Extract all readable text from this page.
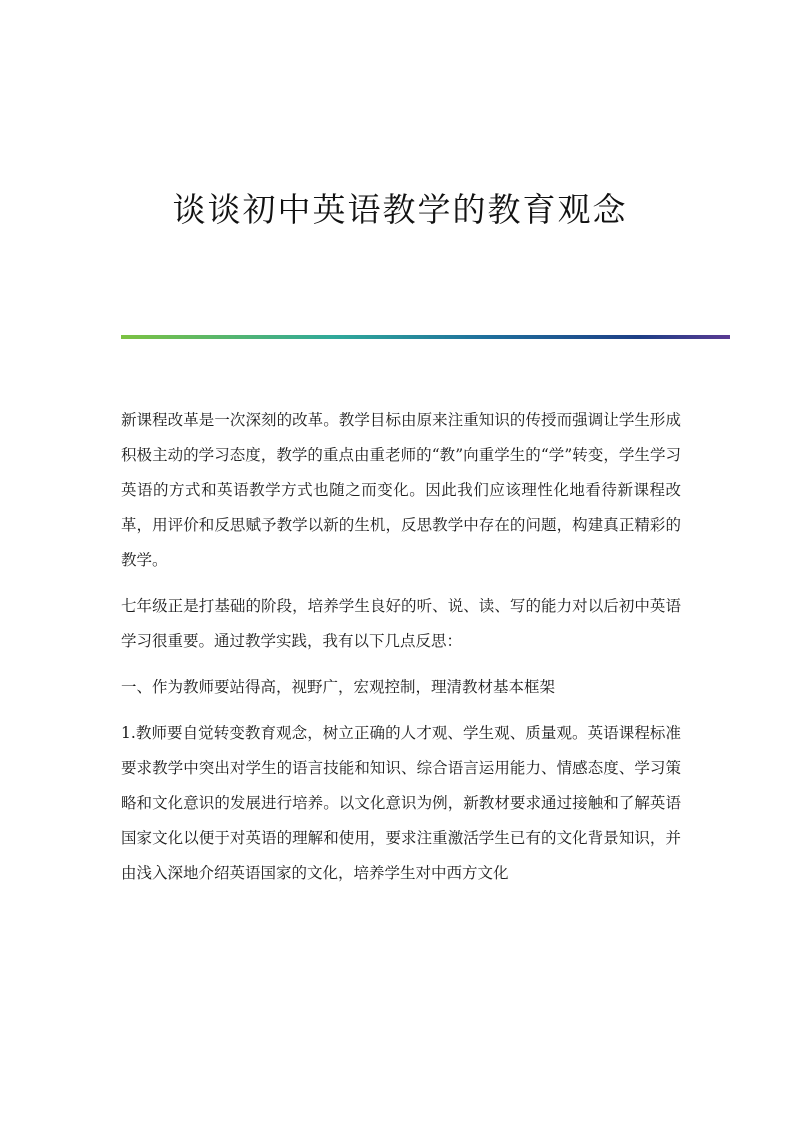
谈谈初中英语教学的教育观念

新课程改革是一次深刻的改革。教学目标由原来注重知识的传授而强调让学生形成积极主动的学习态度，教学的重点由重老师的“教”向重学生的“学”转变，学生学习英语的方式和英语教学方式也随之而变化。因此我们应该理性化地看待新课程改革，用评价和反思赋予教学以新的生机，反思教学中存在的问题，构建真正精彩的教学。

七年级正是打基础的阶段，培养学生良好的听、说、读、写的能力对以后初中英语学习很重要。通过教学实践，我有以下几点反思：

一、作为教师要站得高，视野广，宏观控制，理清教材基本框架

1.教师要自觉转变教育观念，树立正确的人才观、学生观、质量观。英语课程标准要求教学中突出对学生的语言技能和知识、综合语言运用能力、情感态度、学习策略和文化意识的发展进行培养。以文化意识为例，新教材要求通过接触和了解英语国家文化以便于对英语的理解和使用，要求注重激活学生已有的文化背景知识，并由浅入深地介绍英语国家的文化，培养学生对中西方文化
